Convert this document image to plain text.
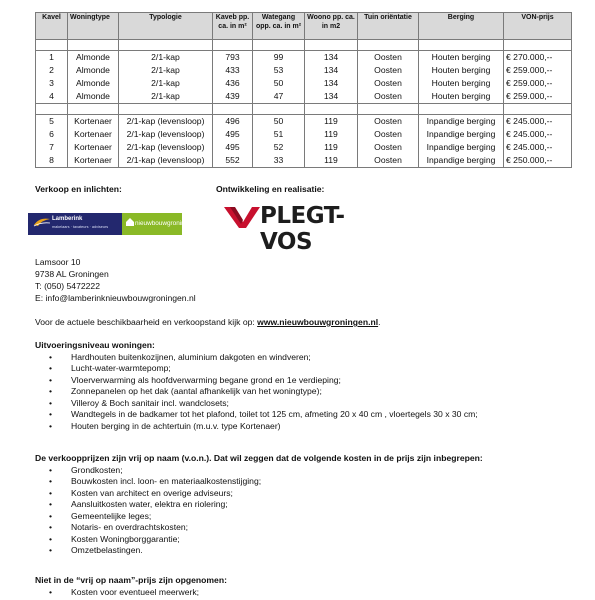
Kavel	Woningtype	Typologie	Kaveb pp. ca. in m²	Wategang opp. ca. in m²	Woono pp. ca. in m2	Tuin oriëntatie	Berging	VON-prijs

1	Almonde	2/1-kap	793	99	134	Oosten	Houten berging	€ 270.000,--
2	Almonde	2/1-kap	433	53	134	Oosten	Houten berging	€ 259.000,--
3	Almonde	2/1-kap	436	50	134	Oosten	Houten berging	€ 259.000,--
4	Almonde	2/1-kap	439	47	134	Oosten	Houten berging	€ 259.000,--

5	Kortenaer	2/1-kap (levensloop)	496	50	119	Oosten	Inpandige berging	€ 245.000,--
6	Kortenaer	2/1-kap (levensloop)	495	51	119	Oosten	Inpandige berging	€ 245.000,--
7	Kortenaer	2/1-kap (levensloop)	495	52	119	Oosten	Inpandige berging	€ 245.000,--
8	Kortenaer	2/1-kap (levensloop)	552	33	119	Oosten	Inpandige berging	€ 250.000,--
Verkoop en inlichten:	Ontwikkeling en realisatie:
Lamberink
makelaars · taxateurs · adviseurs	nieuwbouwgroningen.nl	PLEGT-VOS
Lamsoor 10
9738 AL Groningen
T: (050) 5472222
E: info@lamberinknieuwbouwgroningen.nl
Voor de actuele beschikbaarheid en verkoopstand kijk op: www.nieuwbouwgroningen.nl.
Uitvoeringsniveau woningen:
• Hardhouten buitenkozijnen, aluminium dakgoten en windveren;
• Lucht-water-warmtepomp;
• Vloerverwarming als hoofdverwarming begane grond en 1e verdieping;
• Zonnepanelen op het dak (aantal afhankelijk van het woningtype);
• Villeroy & Boch sanitair incl. wandclosets;
• Wandtegels in de badkamer tot het plafond, toilet tot 125 cm, afmeting 20 x 40 cm , vloertegels 30 x 30 cm;
• Houten berging in de achtertuin (m.u.v. type Kortenaer)
De verkoopprijzen zijn vrij op naam (v.o.n.). Dat wil zeggen dat de volgende kosten in de prijs zijn inbegrepen:
• Grondkosten;
• Bouwkosten incl. loon- en materiaalkostenstijging;
• Kosten van architect en overige adviseurs;
• Aansluitkosten water, elektra en riolering;
• Gemeentelijke leges;
• Notaris- en overdrachtskosten;
• Kosten Woningborggarantie;
• Omzetbelastingen.
Niet in de “vrij op naam”-prijs zijn opgenomen:
• Kosten voor eventueel meerwerk;
